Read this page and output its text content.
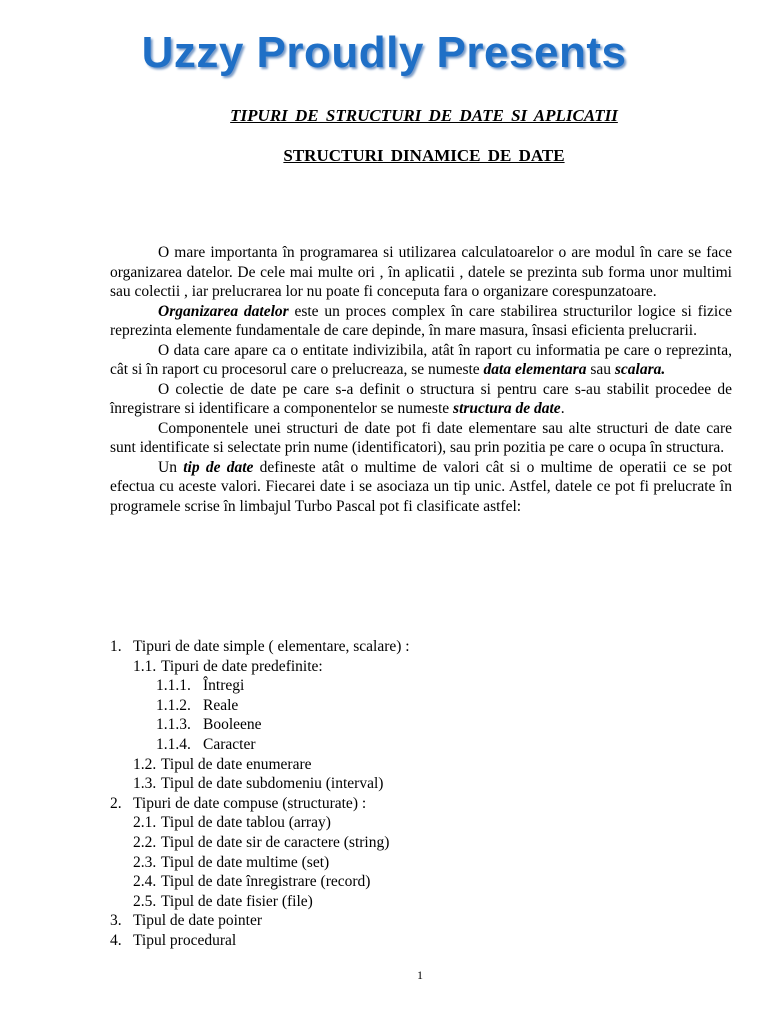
Uzzy Proudly Presents
TIPURI DE STRUCTURI DE DATE SI APLICATII
STRUCTURI DINAMICE DE DATE

O mare importanta în programarea si utilizarea calculatoarelor o are modul în care se face organizarea datelor. De cele mai multe ori , în aplicatii , datele se prezinta sub forma unor multimi sau colectii , iar prelucrarea lor nu poate fi conceputa fara o organizare corespunzatoare.

Organizarea datelor este un proces complex în care stabilirea structurilor logice si fizice reprezinta elemente fundamentale de care depinde, în mare masura, însasi eficienta prelucrarii.

O data care apare ca o entitate indivizibila, atât în raport cu informatia pe care o reprezinta, cât si în raport cu procesorul care o prelucreaza, se numeste data elementara sau scalara.

O colectie de date pe care s-a definit o structura si pentru care s-au stabilit procedee de înregistrare si identificare a componentelor se numeste structura de date.

Componentele unei structuri de date pot fi date elementare sau alte structuri de date care sunt identificate si selectate prin nume (identificatori), sau prin pozitia pe care o ocupa în structura.

Un tip de date defineste atât o multime de valori cât si o multime de operatii ce se pot efectua cu aceste valori. Fiecarei date i se asociaza un tip unic. Astfel, datele ce pot fi prelucrate în programele scrise în limbajul Turbo Pascal pot fi clasificate astfel:

1. Tipuri de date simple ( elementare, scalare) :
1.1. Tipuri de date predefinite:
1.1.1. Întregi
1.1.2. Reale
1.1.3. Booleene
1.1.4. Caracter
1.2. Tipul de date enumerare
1.3. Tipul de date subdomeniu (interval)
2. Tipuri de date compuse (structurate) :
2.1. Tipul de date tablou (array)
2.2. Tipul de date sir de caractere (string)
2.3. Tipul de date multime (set)
2.4. Tipul de date înregistrare (record)
2.5. Tipul de date fisier (file)
3. Tipul de date pointer
4. Tipul procedural
1
